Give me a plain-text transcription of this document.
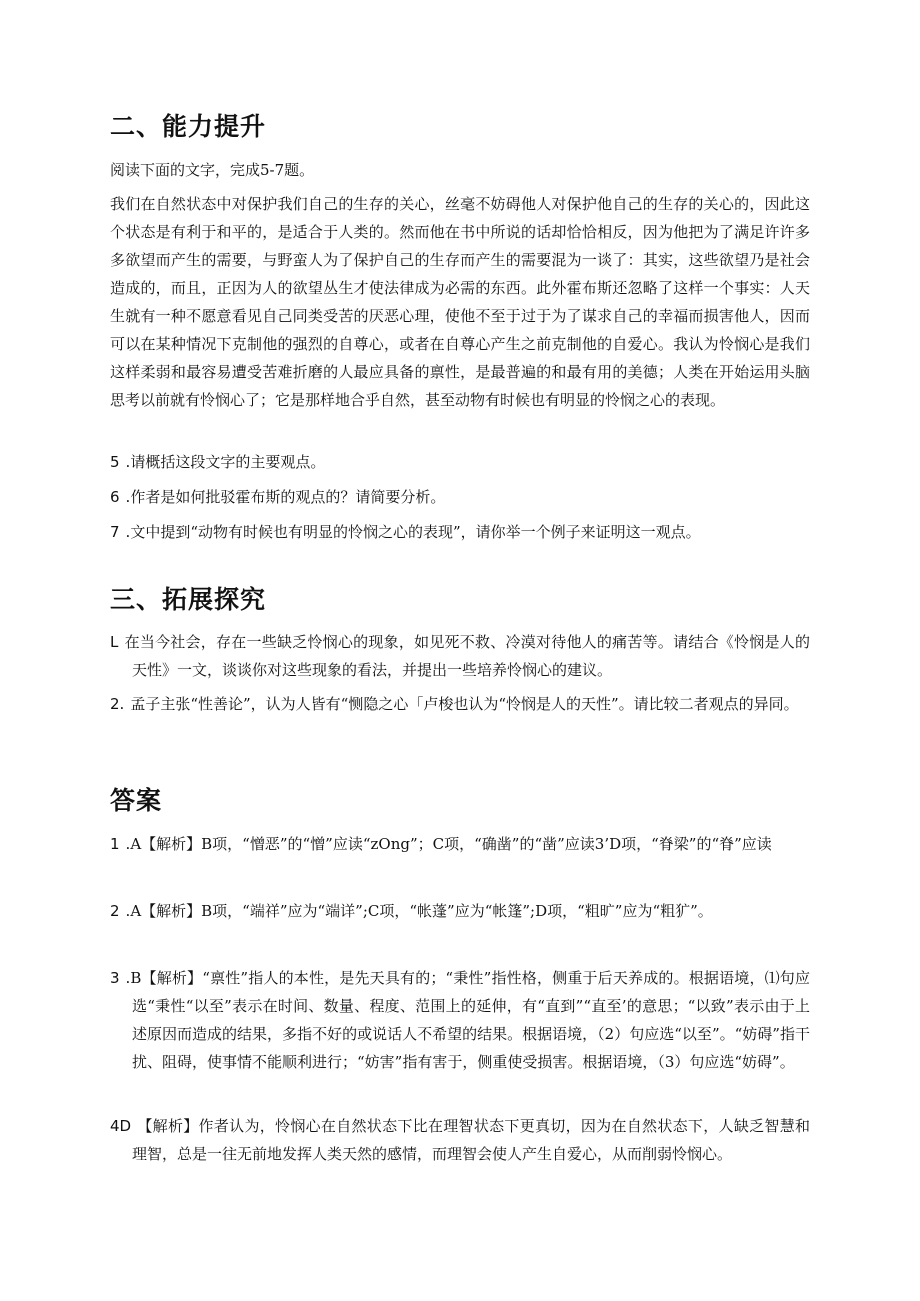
二、能力提升

阅读下面的文字，完成5-7题。

我们在自然状态中对保护我们自己的生存的关心，丝毫不妨碍他人对保护他自己的生存的关心的，因此这个状态是有利于和平的，是适合于人类的。然而他在书中所说的话却恰恰相反，因为他把为了满足许许多多欲望而产生的需要，与野蛮人为了保护自己的生存而产生的需要混为一谈了：其实，这些欲望乃是社会造成的，而且，正因为人的欲望丛生才使法律成为必需的东西。此外霍布斯还忽略了这样一个事实：人天生就有一种不愿意看见自己同类受苦的厌恶心理，使他不至于过于为了谋求自己的幸福而损害他人，因而可以在某种情况下克制他的强烈的自尊心，或者在自尊心产生之前克制他的自爱心。我认为怜悯心是我们这样柔弱和最容易遭受苦难折磨的人最应具备的禀性，是最普遍的和最有用的美德；人类在开始运用头脑思考以前就有怜悯心了；它是那样地合乎自然，甚至动物有时候也有明显的怜悯之心的表现。

5 .请概括这段文字的主要观点。

6 .作者是如何批驳霍布斯的观点的？请简要分析。

7 .文中提到“动物有时候也有明显的怜悯之心的表现”，请你举一个例子来证明这一观点。

三、拓展探究

L 在当今社会，存在一些缺乏怜悯心的现象，如见死不救、冷漠对待他人的痛苦等。请结合《怜悯是人的天性》一文，谈谈你对这些现象的看法，并提出一些培养怜悯心的建议。

2. 孟子主张“性善论”，认为人皆有“恻隐之心「卢梭也认为“怜悯是人的天性”。请比较二者观点的异同。

答案

1 .A【解析】B项，“憎恶”的“憎”应读“zOng”；C项，“确凿”的“凿”应读3’D项，“脊梁”的“脊”应读

2 .A【解析】B项，“端祥”应为“端详”;C项，“帐蓬”应为“帐篷”;D项，“粗旷”应为“粗犷”。

3 .B【解析】“禀性”指人的本性，是先天具有的；“秉性”指性格，侧重于后天养成的。根据语境，⑴句应选“秉性“以至”表示在时间、数量、程度、范围上的延伸，有“直到”“直至’的意思；“以致”表示由于上述原因而造成的结果，多指不好的或说话人不希望的结果。根据语境，（2）句应选“以至”。“妨碍”指干扰、阻碍，使事情不能顺利进行；“妨害”指有害于，侧重使受损害。根据语境，（3）句应选“妨碍”。

4D 【解析】作者认为，怜悯心在自然状态下比在理智状态下更真切，因为在自然状态下，人缺乏智慧和理智，总是一往无前地发挥人类天然的感情，而理智会使人产生自爱心，从而削弱怜悯心。
